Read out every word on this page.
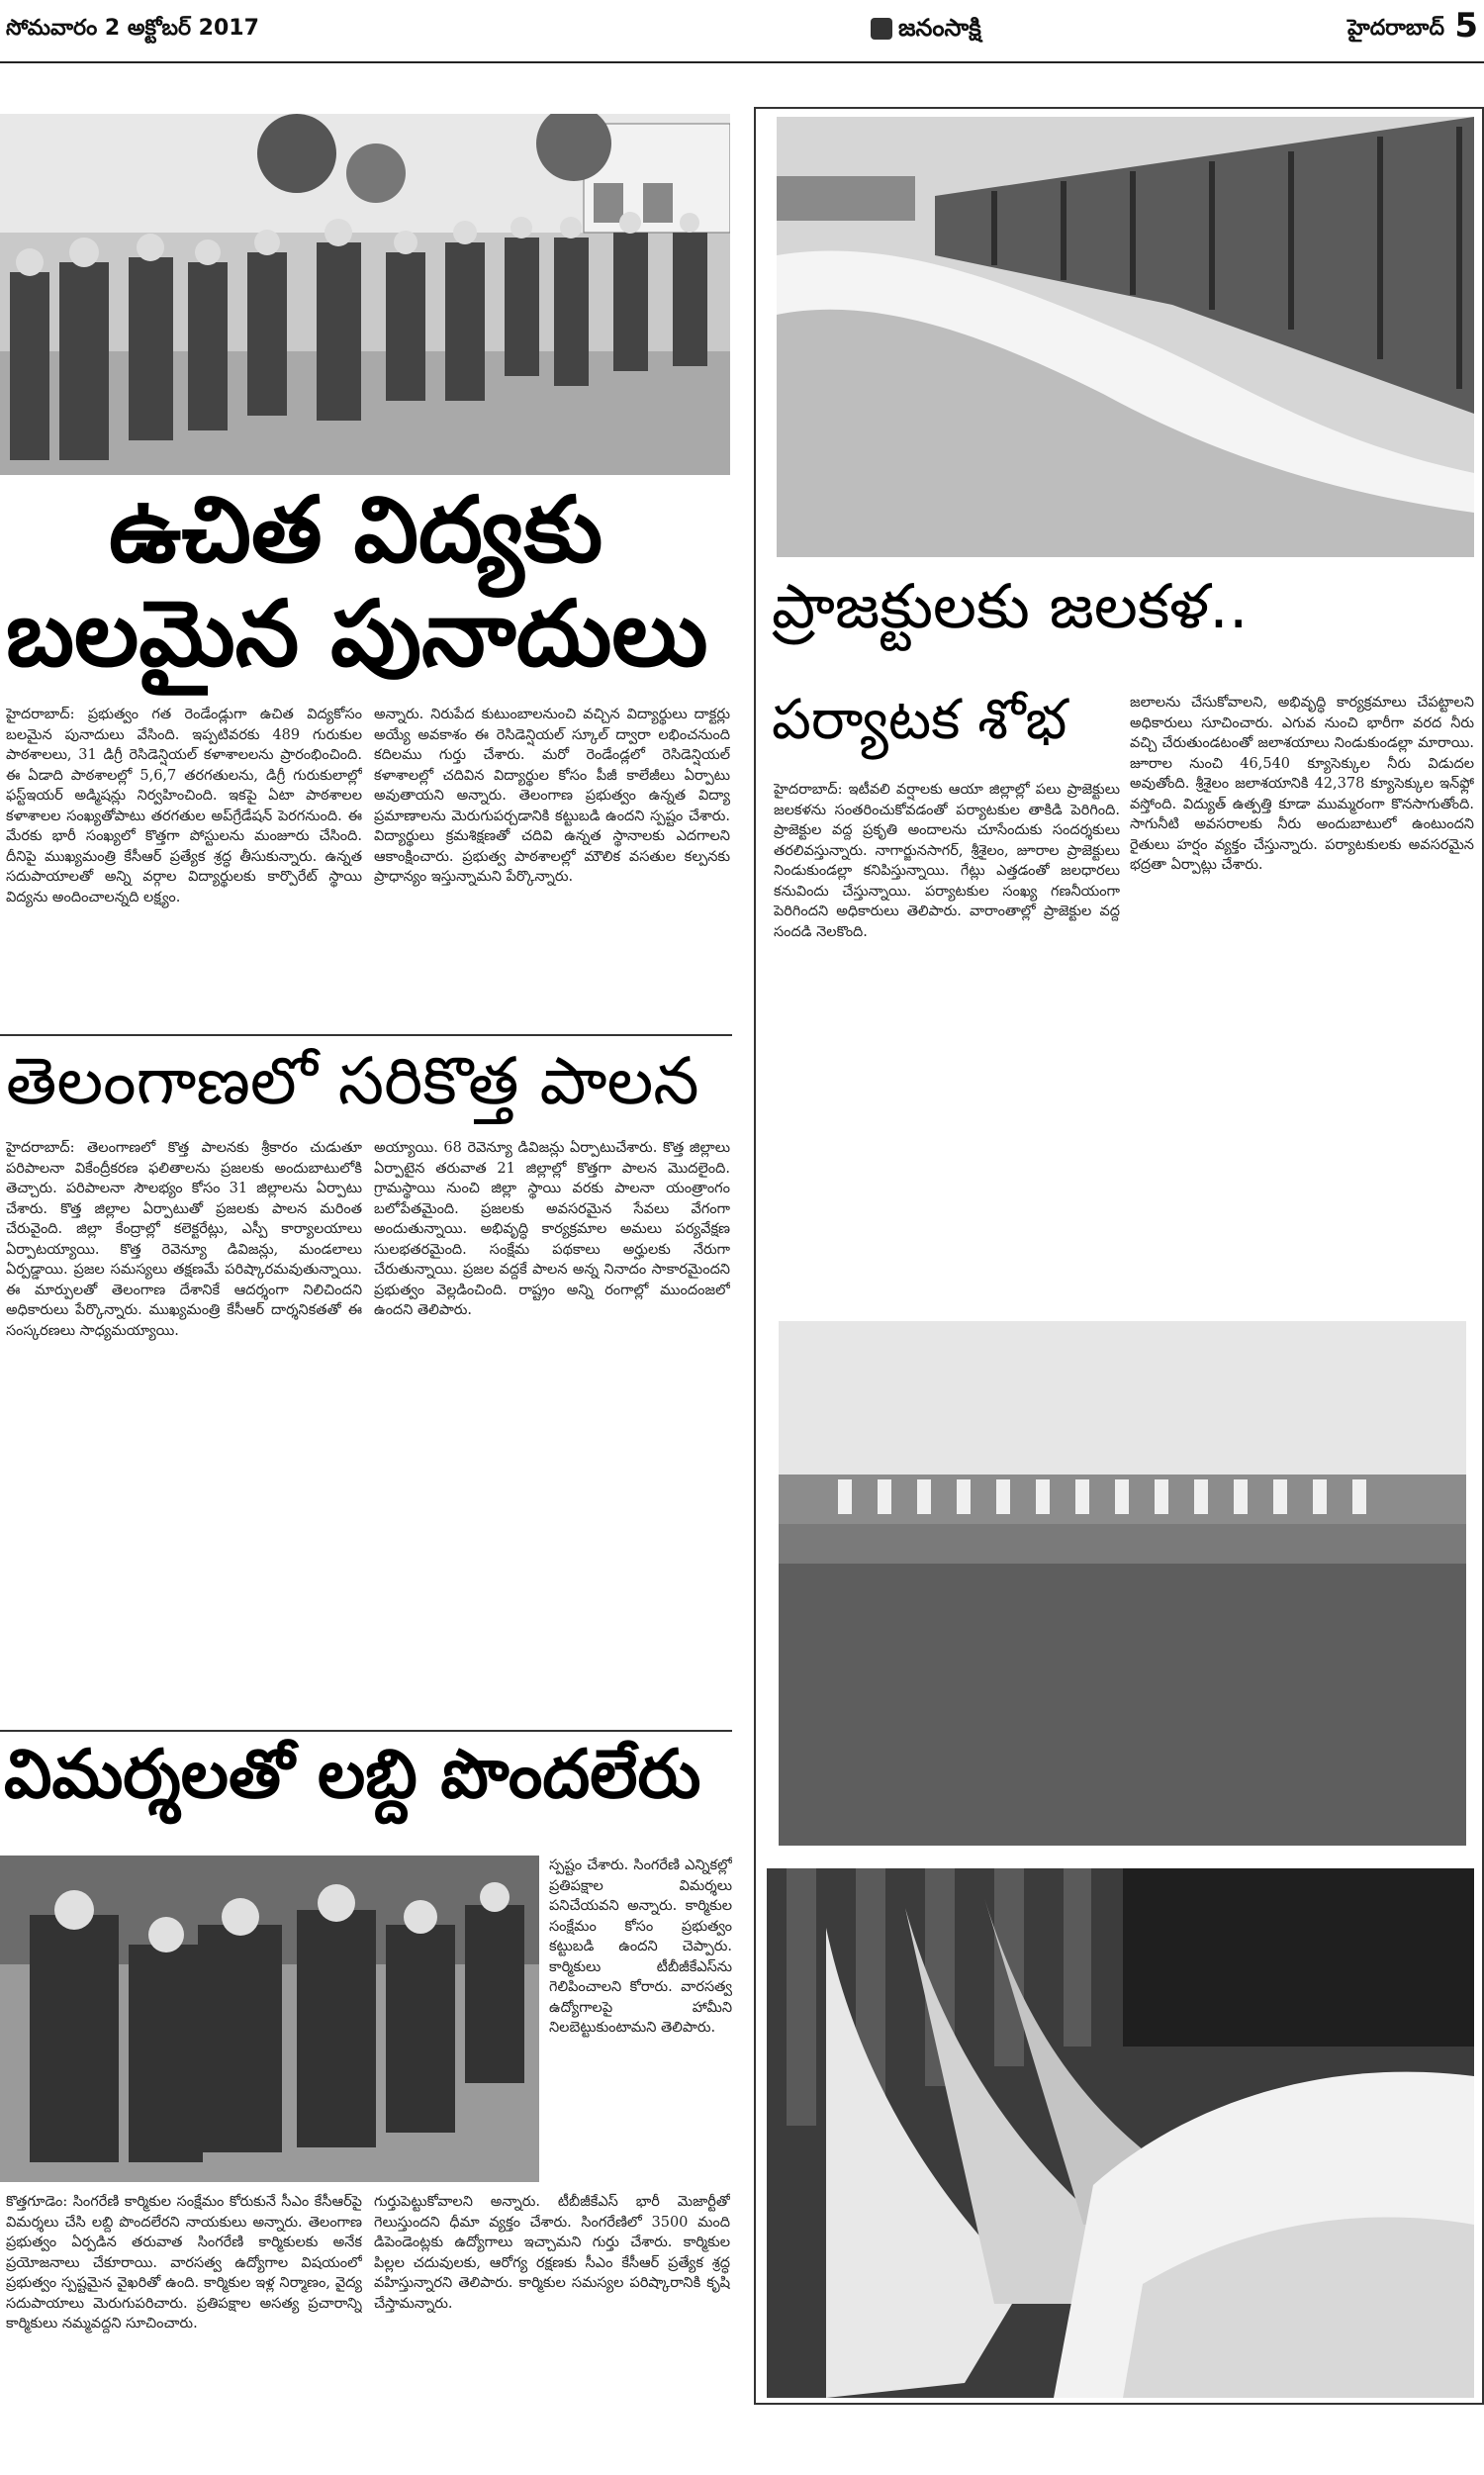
సోమవారం 2 అక్టోబర్ 2017	జనంసాక్షి	హైదరాబాద్ 5
ఉచిత విద్యకు
బలమైన పునాదులు
హైదరాబాద్‌: ప్రభుత్వం గత రెండేండ్లుగా ఉచిత విద్యకోసం బలమైన పునాదులు వేసింది. ఇప్పటివరకు 489 గురుకుల పాఠశాలలు, 31 డిగ్రీ రెసిడెన్షియల్‌ కళాశాలలను ప్రారంభించింది. ఈ ఏడాది పాఠశాలల్లో 5,6,7 తరగతులను, డిగ్రీ గురుకులాల్లో ఫస్ట్‌ఇయర్‌ అడ్మిషన్లు నిర్వహించింది. ఇకపై ఏటా పాఠశాలల కళాశాలల సంఖ్యతోపాటు తరగతుల అప్‌గ్రేడేషన్‌ పెరగనుంది. ఈ మేరకు భారీ సంఖ్యలో కొత్తగా పోస్టులను మంజూరు చేసింది. దీనిపై ముఖ్యమంత్రి కేసీఆర్‌ ప్రత్యేక శ్రద్ధ తీసుకున్నారు. ఉన్నత సదుపాయాలతో అన్ని వర్గాల విద్యార్థులకు కార్పొరేట్‌ స్థాయి విద్యను అందించాలన్నది లక్ష్యం.
అన్నారు. నిరుపేద కుటుంబాలనుంచి వచ్చిన విద్యార్థులు దాక్టర్లు అయ్యే అవకాశం ఈ రెసిడెన్షియల్‌ స్కూల్‌ ద్వారా లభించనుంది కదిలము గుర్తు చేశారు. మరో రెండేండ్లలో రెసిడెన్షియల్‌ కళాశాలల్లో చదివిన విద్యార్థుల కోసం పీజీ కాలేజీలు ఏర్పాటు అవుతాయని అన్నారు. తెలంగాణ ప్రభుత్వం ఉన్నత విద్యా ప్రమాణాలను మెరుగుపర్చడానికి కట్టుబడి ఉందని స్పష్టం చేశారు. విద్యార్థులు క్రమశిక్షణతో చదివి ఉన్నత స్థానాలకు ఎదగాలని ఆకాంక్షించారు. ప్రభుత్వ పాఠశాలల్లో మౌలిక వసతుల కల్పనకు ప్రాధాన్యం ఇస్తున్నామని పేర్కొన్నారు.
తెలంగాణలో సరికొత్త పాలన
హైదరాబాద్‌: తెలంగాణలో కొత్త పాలనకు శ్రీకారం చుడుతూ పరిపాలనా వికేంద్రీకరణ ఫలితాలను ప్రజలకు అందుబాటులోకి తెచ్చారు. పరిపాలనా సౌలభ్యం కోసం 31 జిల్లాలను ఏర్పాటు చేశారు. కొత్త జిల్లాల ఏర్పాటుతో ప్రజలకు పాలన మరింత చేరువైంది. జిల్లా కేంద్రాల్లో కలెక్టరేట్లు, ఎస్పీ కార్యాలయాలు ఏర్పాటయ్యాయి. కొత్త రెవెన్యూ డివిజన్లు, మండలాలు ఏర్పడ్డాయి. ప్రజల సమస్యలు తక్షణమే పరిష్కారమవుతున్నాయి. ఈ మార్పులతో తెలంగాణ దేశానికే ఆదర్శంగా నిలిచిందని అధికారులు పేర్కొన్నారు. ముఖ్యమంత్రి కేసీఆర్‌ దార్శనికతతో ఈ సంస్కరణలు సాధ్యమయ్యాయి.
అయ్యాయి. 68 రెవెన్యూ డివిజన్లు ఏర్పాటుచేశారు. కొత్త జిల్లాలు ఏర్పాటైన తరువాత 21 జిల్లాల్లో కొత్తగా పాలన మొదలైంది. గ్రామస్థాయి నుంచి జిల్లా స్థాయి వరకు పాలనా యంత్రాంగం బలోపేతమైంది. ప్రజలకు అవసరమైన సేవలు వేగంగా అందుతున్నాయి. అభివృద్ధి కార్యక్రమాల అమలు పర్యవేక్షణ సులభతరమైంది. సంక్షేమ పథకాలు అర్హులకు నేరుగా చేరుతున్నాయి. ప్రజల వద్దకే పాలన అన్న నినాదం సాకారమైందని ప్రభుత్వం వెల్లడించింది. రాష్ట్రం అన్ని రంగాల్లో ముందంజలో ఉందని తెలిపారు.
విమర్శలతో లబ్ది పొందలేరు
స్పష్టం చేశారు. సింగరేణి ఎన్నికల్లో ప్రతిపక్షాల విమర్శలు పనిచేయవని అన్నారు. కార్మికుల సంక్షేమం కోసం ప్రభుత్వం కట్టుబడి ఉందని చెప్పారు. కార్మికులు టీబీజీకేఎస్‌ను గెలిపించాలని కోరారు. వారసత్వ ఉద్యోగాలపై హామీని నిలబెట్టుకుంటామని తెలిపారు.
కొత్తగూడెం: సింగరేణి కార్మికుల సంక్షేమం కోరుకునే సీఎం కేసీఆర్‌పై విమర్శలు చేసి లబ్ది పొందలేరని నాయకులు అన్నారు. తెలంగాణ ప్రభుత్వం ఏర్పడిన తరువాత సింగరేణి కార్మికులకు అనేక ప్రయోజనాలు చేకూరాయి. వారసత్వ ఉద్యోగాల విషయంలో ప్రభుత్వం స్పష్టమైన వైఖరితో ఉంది. కార్మికుల ఇళ్ల నిర్మాణం, వైద్య సదుపాయాలు మెరుగుపరిచారు. ప్రతిపక్షాల అసత్య ప్రచారాన్ని కార్మికులు నమ్మవద్దని సూచించారు.
గుర్తుపెట్టుకోవాలని అన్నారు. టీబీజీకేఎస్‌ భారీ మెజార్టీతో గెలుస్తుందని ధీమా వ్యక్తం చేశారు. సింగరేణిలో 3500 మంది డిపెండెంట్లకు ఉద్యోగాలు ఇచ్చామని గుర్తు చేశారు. కార్మికుల పిల్లల చదువులకు, ఆరోగ్య రక్షణకు సీఎం కేసీఆర్‌ ప్రత్యేక శ్రద్ధ వహిస్తున్నారని తెలిపారు. కార్మికుల సమస్యల పరిష్కారానికి కృషి చేస్తామన్నారు.
ప్రాజక్టులకు జలకళ..
పర్యాటక శోభ
హైదరాబాద్‌: ఇటీవలి వర్షాలకు ఆయా జిల్లాల్లో పలు ప్రాజెక్టులు జలకళను సంతరించుకోవడంతో పర్యాటకుల తాకిడి పెరిగింది. ప్రాజెక్టుల వద్ద ప్రకృతి అందాలను చూసేందుకు సందర్శకులు తరలివస్తున్నారు. నాగార్జునసాగర్‌, శ్రీశైలం, జూరాల ప్రాజెక్టులు నిండుకుండల్లా కనిపిస్తున్నాయి. గేట్లు ఎత్తడంతో జలధారలు కనువిందు చేస్తున్నాయి. పర్యాటకుల సంఖ్య గణనీయంగా పెరిగిందని అధికారులు తెలిపారు. వారాంతాల్లో ప్రాజెక్టుల వద్ద సందడి నెలకొంది.
జలాలను చేసుకోవాలని, అభివృద్ధి కార్యక్రమాలు చేపట్టాలని అధికారులు సూచించారు. ఎగువ నుంచి భారీగా వరద నీరు వచ్చి చేరుతుండటంతో జలాశయాలు నిండుకుండల్లా మారాయి. జూరాల నుంచి 46,540 క్యూసెక్కుల నీరు విడుదల అవుతోంది. శ్రీశైలం జలాశయానికి 42,378 క్యూసెక్కుల ఇన్‌ఫ్లో వస్తోంది. విద్యుత్‌ ఉత్పత్తి కూడా ముమ్మరంగా కొనసాగుతోంది. సాగునీటి అవసరాలకు నీరు అందుబాటులో ఉంటుందని రైతులు హర్షం వ్యక్తం చేస్తున్నారు. పర్యాటకులకు అవసరమైన భద్రతా ఏర్పాట్లు చేశారు.
